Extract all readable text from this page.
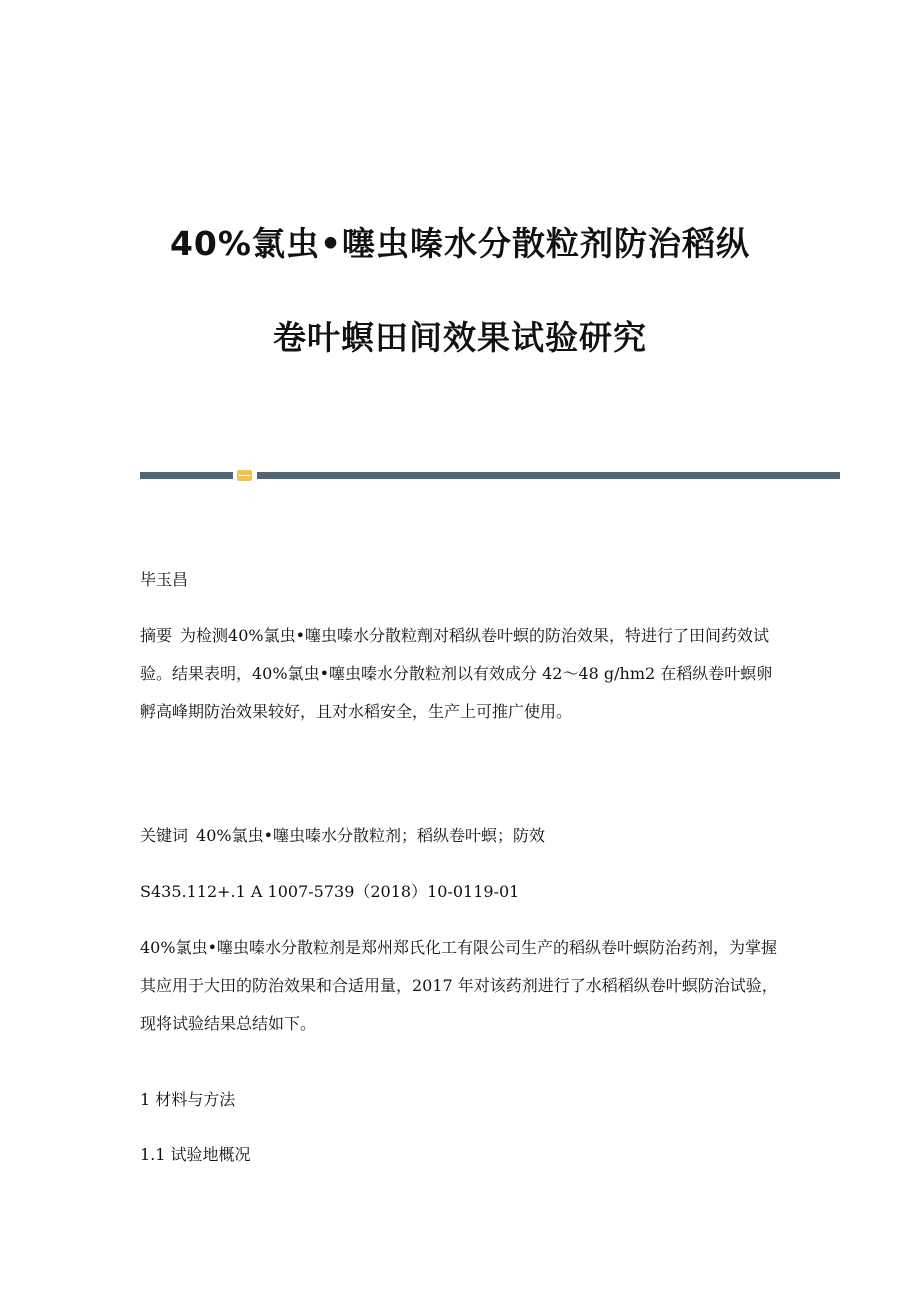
40%氯虫•噻虫嗪水分散粒剂防治稻纵
卷叶螟田间效果试验研究
毕玉昌

摘要 为检测40%氯虫•噻虫嗪水分散粒劑对稻纵卷叶螟的防治效果，特进行了田间药效试验。结果表明，40%氯虫•噻虫嗪水分散粒剂以有效成分 42～48 g/hm2 在稻纵卷叶螟卵孵高峰期防治效果较好，且对水稻安全，生产上可推广使用。

关键词 40%氯虫•噻虫嗪水分散粒剂；稻纵卷叶螟；防效

S435.112+.1 A 1007-5739（2018）10-0119-01

40%氯虫•噻虫嗪水分散粒剂是郑州郑氏化工有限公司生产的稻纵卷叶螟防治药剂，为掌握其应用于大田的防治效果和合适用量，2017 年对该药剂进行了水稻稻纵卷叶螟防治试验，现将试验结果总结如下。

1 材料与方法
1.1 试验地概况
